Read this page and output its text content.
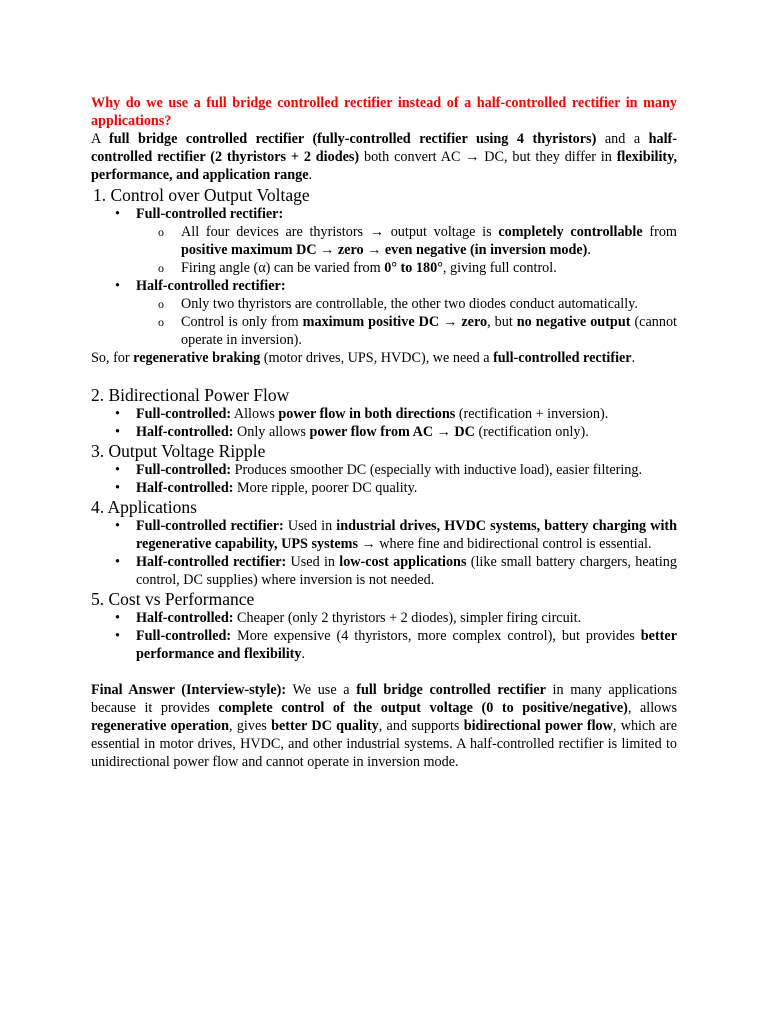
Why do we use a full bridge controlled rectifier instead of a half-controlled rectifier in many applications?

A full bridge controlled rectifier (fully-controlled rectifier using 4 thyristors) and a half-controlled rectifier (2 thyristors + 2 diodes) both convert AC → DC, but they differ in flexibility, performance, and application range.

1. Control over Output Voltage
• Full-controlled rectifier:
o All four devices are thyristors → output voltage is completely controllable from positive maximum DC → zero → even negative (in inversion mode).
o Firing angle (α) can be varied from 0° to 180°, giving full control.
• Half-controlled rectifier:
o Only two thyristors are controllable, the other two diodes conduct automatically.
o Control is only from maximum positive DC → zero, but no negative output (cannot operate in inversion).

So, for regenerative braking (motor drives, UPS, HVDC), we need a full-controlled rectifier.

2. Bidirectional Power Flow
• Full-controlled: Allows power flow in both directions (rectification + inversion).
• Half-controlled: Only allows power flow from AC → DC (rectification only).
3. Output Voltage Ripple
• Full-controlled: Produces smoother DC (especially with inductive load), easier filtering.
• Half-controlled: More ripple, poorer DC quality.
4. Applications
• Full-controlled rectifier: Used in industrial drives, HVDC systems, battery charging with regenerative capability, UPS systems → where fine and bidirectional control is essential.
• Half-controlled rectifier: Used in low-cost applications (like small battery chargers, heating control, DC supplies) where inversion is not needed.
5. Cost vs Performance
• Half-controlled: Cheaper (only 2 thyristors + 2 diodes), simpler firing circuit.
• Full-controlled: More expensive (4 thyristors, more complex control), but provides better performance and flexibility.

Final Answer (Interview-style): We use a full bridge controlled rectifier in many applications because it provides complete control of the output voltage (0 to positive/negative), allows regenerative operation, gives better DC quality, and supports bidirectional power flow, which are essential in motor drives, HVDC, and other industrial systems. A half-controlled rectifier is limited to unidirectional power flow and cannot operate in inversion mode.
